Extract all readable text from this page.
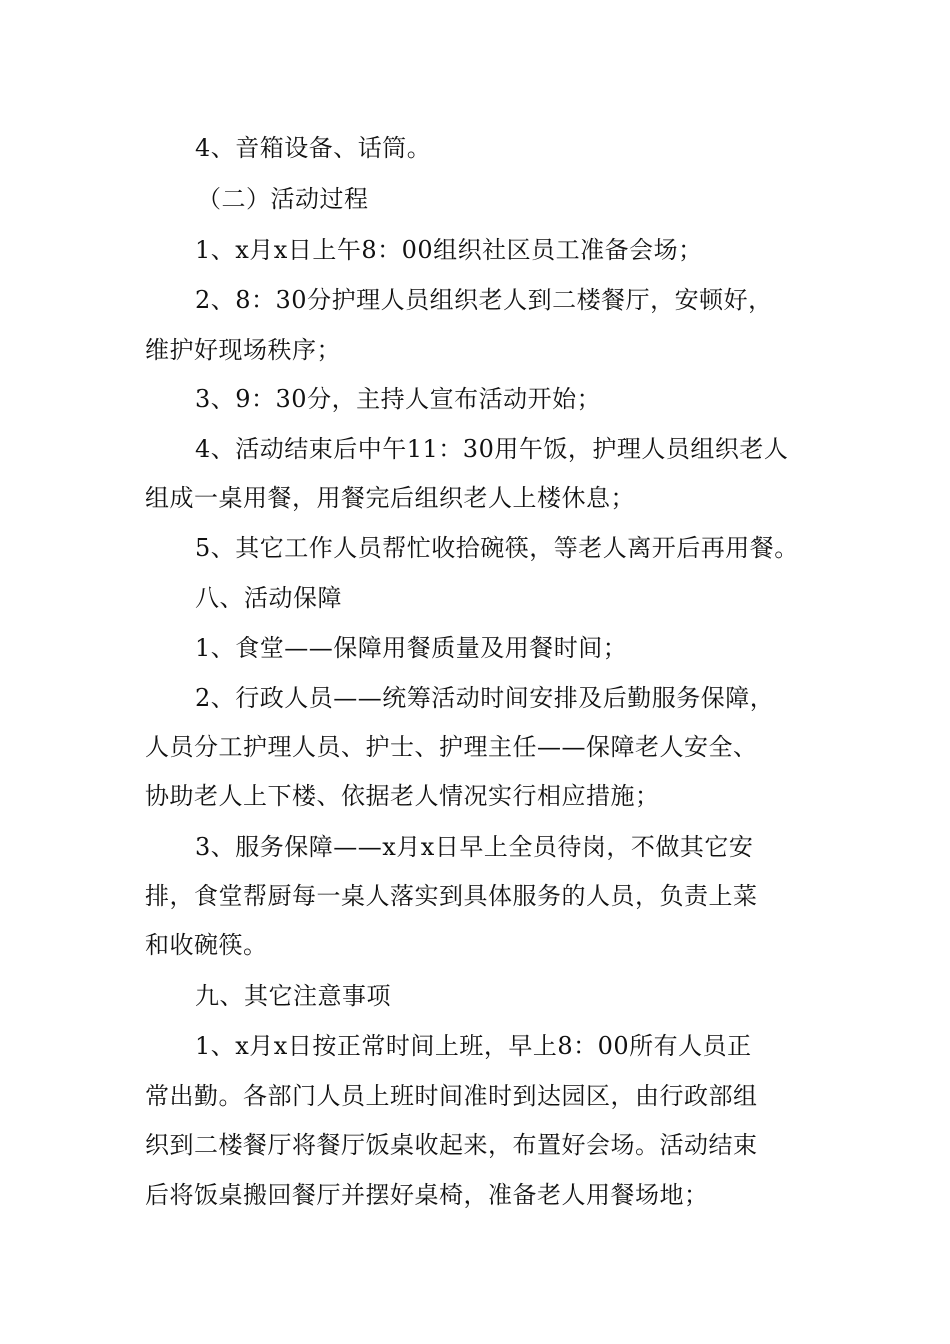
4、音箱设备、话筒。
（二）活动过程
1、x月x日上午8：00组织社区员工准备会场；
2、8：30分护理人员组织老人到二楼餐厅，安顿好，
维护好现场秩序；
3、9：30分，主持人宣布活动开始；
4、活动结束后中午11：30用午饭，护理人员组织老人
组成一桌用餐，用餐完后组织老人上楼休息；
5、其它工作人员帮忙收拾碗筷，等老人离开后再用餐。
八、活动保障
1、食堂——保障用餐质量及用餐时间；
2、行政人员——统筹活动时间安排及后勤服务保障，
人员分工护理人员、护士、护理主任——保障老人安全、
协助老人上下楼、依据老人情况实行相应措施；
3、服务保障——x月x日早上全员待岗，不做其它安
排，食堂帮厨每一桌人落实到具体服务的人员，负责上菜
和收碗筷。
九、其它注意事项
1、x月x日按正常时间上班，早上8：00所有人员正
常出勤。各部门人员上班时间准时到达园区，由行政部组
织到二楼餐厅将餐厅饭桌收起来，布置好会场。活动结束
后将饭桌搬回餐厅并摆好桌椅，准备老人用餐场地；
